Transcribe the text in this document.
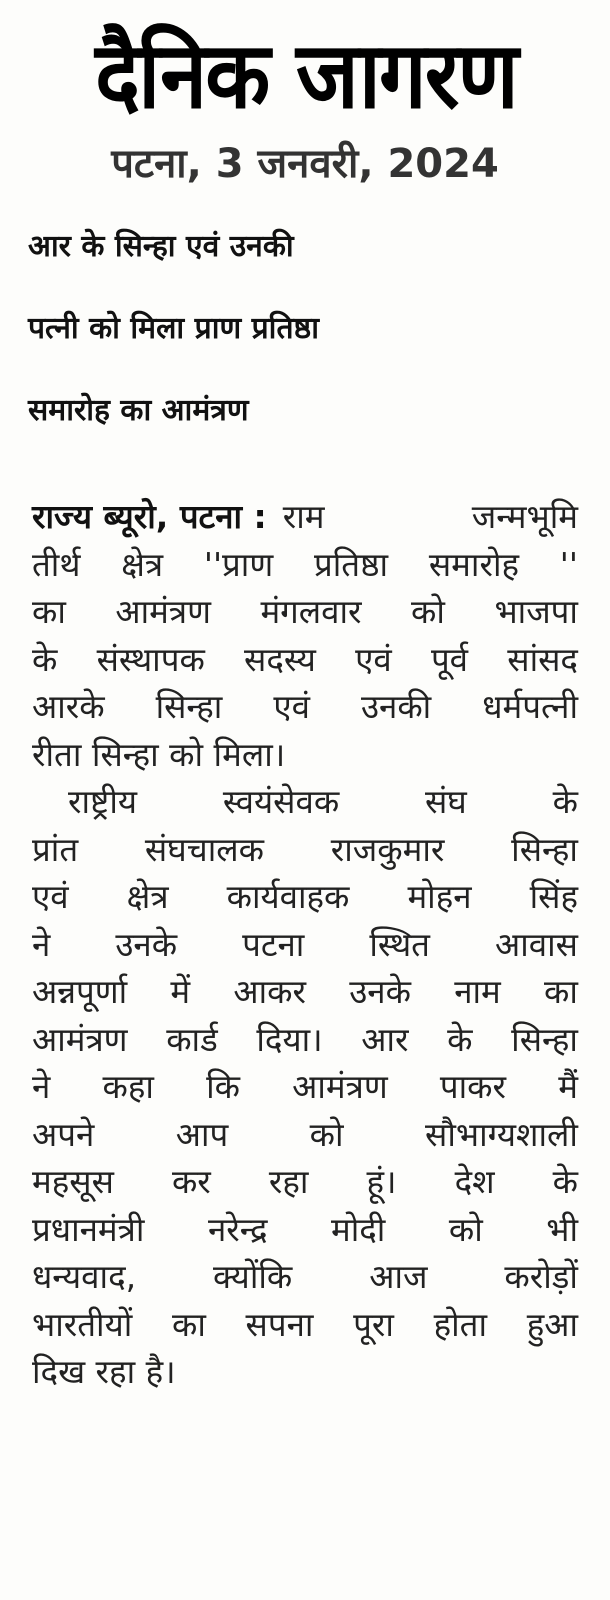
दैनिक जागरण
पटना, 3 जनवरी, 2024
आर के सिन्हा एवं उनकी
पत्नी को मिला प्राण प्रतिष्ठा
समारोह का आमंत्रण
राज्य ब्यूरो, पटना : राम	जन्मभूमि
तीर्थ क्षेत्र ''प्राण प्रतिष्ठा समारोह ''
का आमंत्रण मंगलवार को भाजपा
के संस्थापक सदस्य एवं पूर्व सांसद
आरके सिन्हा एवं उनकी धर्मपत्नी
रीता सिन्हा को मिला।
राष्ट्रीय	स्वयंसेवक	संघ	के
प्रांत संघचालक राजकुमार सिन्हा
एवं क्षेत्र कार्यवाहक मोहन सिंह
ने उनके पटना स्थित आवास
अन्नपूर्णा में आकर उनके नाम का
आमंत्रण कार्ड दिया। आर के सिन्हा
ने कहा कि आमंत्रण पाकर मैं
अपने आप को सौभाग्यशाली
महसूस कर रहा हूं। देश के
प्रधानमंत्री नरेन्द्र मोदी को भी
धन्यवाद, क्योंकि आज करोड़ों
भारतीयों का सपना पूरा होता हुआ
दिख रहा है।
